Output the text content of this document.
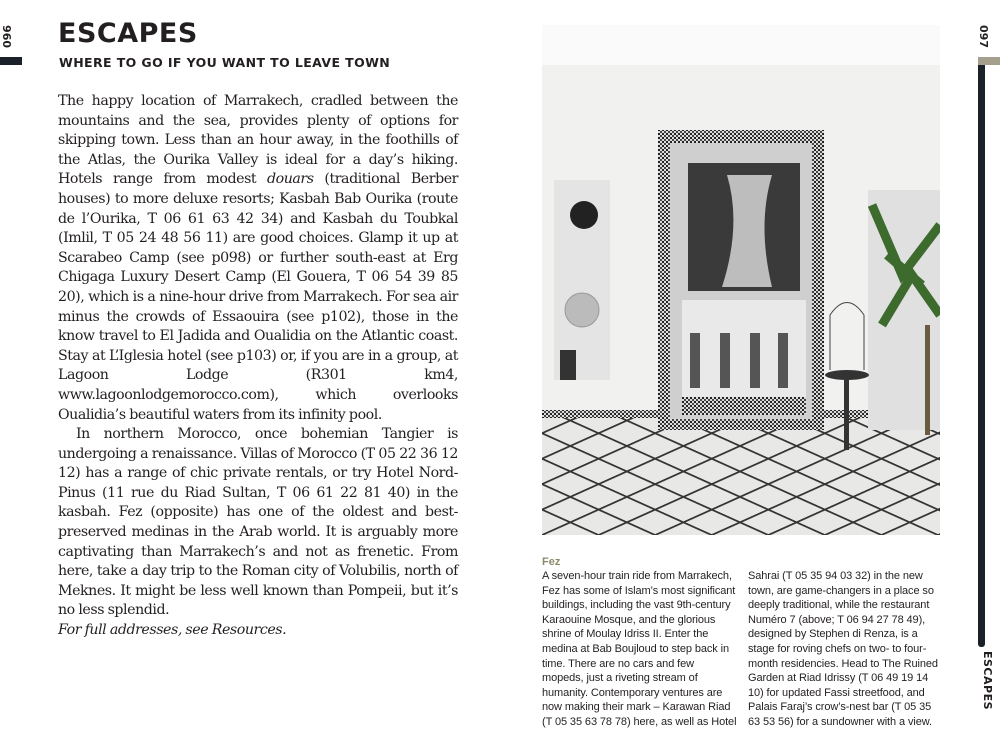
096 ESCAPES
WHERE TO GO IF YOU WANT TO LEAVE TOWN

The happy location of Marrakech, cradled between the mountains and the sea, provides plenty of options for skipping town. Less than an hour away, in the foothills of the Atlas, the Ourika Valley is ideal for a day’s hiking. Hotels range from modest douars (traditional Berber houses) to more deluxe resorts; Kasbah Bab Ourika (route de l’Ourika, T 06 61 63 42 34) and Kasbah du Toubkal (Imlil, T 05 24 48 56 11) are good choices. Glamp it up at Scarabeo Camp (see p098) or further south-east at Erg Chigaga Luxury Desert Camp (El Gouera, T 06 54 39 85 20), which is a nine-hour drive from Marrakech. For sea air minus the crowds of Essaouira (see p102), those in the know travel to El Jadida and Oualidia on the Atlantic coast. Stay at L’Iglesia hotel (see p103) or, if you are in a group, at Lagoon Lodge (R301 km4, www.lagoonlodgemorocco.com), which overlooks Oualidia’s beautiful waters from its infinity pool.

In northern Morocco, once bohemian Tangier is undergoing a renaissance. Villas of Morocco (T 05 22 36 12 12) has a range of chic private rentals, or try Hotel Nord-Pinus (11 rue du Riad Sultan, T 06 61 22 81 40) in the kasbah. Fez (opposite) has one of the oldest and best-preserved medinas in the Arab world. It is arguably more captivating than Marrakech’s and not as frenetic. From here, take a day trip to the Roman city of Volubilis, north of Meknes. It might be less well known than Pompeii, but it’s no less splendid.

For full addresses, see Resources.

Fez
A seven-hour train ride from Marrakech, Fez has some of Islam’s most significant buildings, including the vast 9th-century Karaouine Mosque, and the glorious shrine of Moulay Idriss II. Enter the medina at Bab Boujloud to step back in time. There are no cars and few mopeds, just a riveting stream of humanity. Contemporary ventures are now making their mark – Karawan Riad (T 05 35 63 78 78) here, as well as Hotel
Sahrai (T 05 35 94 03 32) in the new town, are game-changers in a place so deeply traditional, while the restaurant Numéro 7 (above; T 06 94 27 78 49), designed by Stephen di Renza, is a stage for roving chefs on two- to four-month residencies. Head to The Ruined Garden at Riad Idrissy (T 06 49 19 14 10) for updated Fassi streetfood, and Palais Faraj’s crow’s-nest bar (T 05 35 63 53 56) for a sundowner with a view.
097
ESCAPES
